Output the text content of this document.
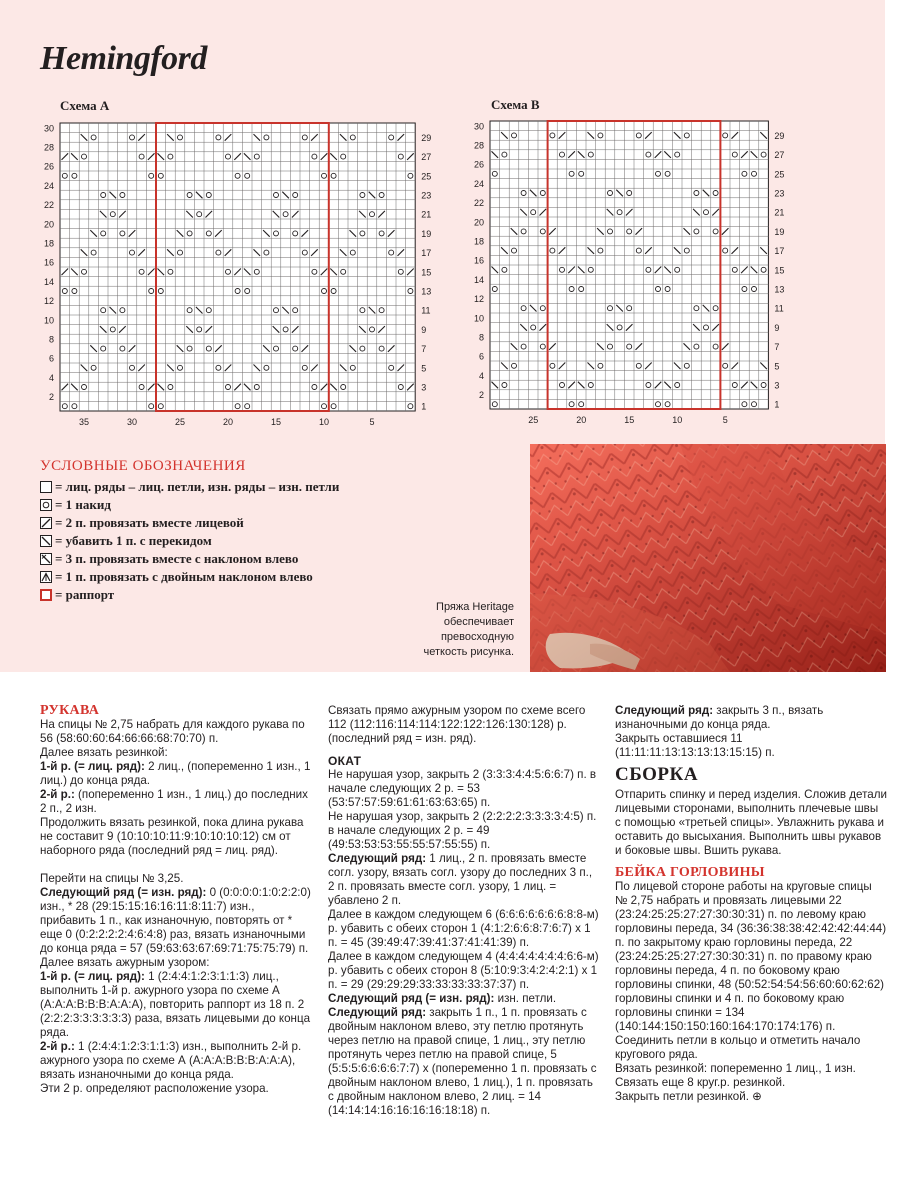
Hemingford
Схема А	Схема В
30
28
26
24
22
20
18
16
14
12
10
8
6
4
2
29
27
25
23
21
19
17
15
13
11
9
7
5
3
1
35	30	25	20	15	10	5
30
28
26
24
22
20
18
16
14
12
10
8
6
4
2
29
27
25
23
21
19
17
15
13
11
9
7
5
3
1
25	20	15	10	5
УСЛОВНЫЕ ОБОЗНАЧЕНИЯ
= лиц. ряды – лиц. петли, изн. ряды – изн. петли
= 1 накид
= 2 п. провязать вместе лицевой
= убавить 1 п. с перекидом
= 3 п. провязать вместе с наклоном влево
= 1 п. провязать с двойным наклоном влево
= раппорт
Пряжа Heritage
обеспечивает
превосходную
четкость рисунка.
РУКАВА

На спицы № 2,75 набрать для каждого рукава по 56 (58:60:60:64:66:66:68:70:70) п.

Далее вязать резинкой:

1-й р. (= лиц. ряд): 2 лиц., (попеременно 1 изн., 1 лиц.) до конца ряда.

2-й р.: (попеременно 1 изн., 1 лиц.) до последних 2 п., 2 изн.

Продолжить вязать резинкой, пока длина рукава не составит 9 (10:10:10:11:9:10:10:10:12) см от наборного ряда (последний ряд = лиц. ряд).

Перейти на спицы № 3,25.

Следующий ряд (= изн. ряд): 0 (0:0:0:0:1:0:2:2:0) изн., * 28 (29:15:15:16:16:11:8:11:7) изн., прибавить 1 п., как изнаночную, повторять от * еще 0 (0:2:2:2:2:4:6:4:8) раз, вязать изнаночными до конца ряда = 57 (59:63:63:67:69:71:75:75:79) п.

Далее вязать ажурным узором:

1-й р. (= лиц. ряд): 1 (2:4:4:1:2:3:1:1:3) лиц., выполнить 1-й р. ажурного узора по схеме А (А:А:А:В:В:В:А:А:А), повторить раппорт из 18 п. 2 (2:2:2:3:3:3:3:3:3) раза, вязать лицевыми до конца ряда.

2-й р.: 1 (2:4:4:1:2:3:1:1:3) изн., выполнить 2-й р. ажурного узора по схеме А (А:А:А:В:В:В:А:А:А), вязать изнаночными до конца ряда.

Эти 2 р. определяют расположение узора.

Связать прямо ажурным узором по схеме всего 112 (112:116:114:114:122:122:126:130:128) р. (последний ряд = изн. ряд).

ОКАТ

Не нарушая узор, закрыть 2 (3:3:3:4:4:5:6:6:7) п. в начале следующих 2 р. = 53 (53:57:57:59:61:61:63:63:65) п.

Не нарушая узор, закрыть 2 (2:2:2:2:3:3:3:3:4:5) п. в начале следующих 2 р. = 49 (49:53:53:53:55:55:57:55:55) п.

Следующий ряд: 1 лиц., 2 п. провязать вместе согл. узору, вязать согл. узору до последних 3 п., 2 п. провязать вместе согл. узору, 1 лиц. = убавлено 2 п.

Далее в каждом следующем 6 (6:6:6:6:6:6:6:8:8-м) р. убавить с обеих сторон 1 (4:1:2:6:6:8:7:6:7) х 1 п. = 45 (39:49:47:39:41:37:41:41:39) п.

Далее в каждом следующем 4 (4:4:4:4:4:4:4:6:6-м) р. убавить с обеих сторон 8 (5:10:9:3:4:2:4:2:1) х 1 п. = 29 (29:29:29:33:33:33:33:37:37) п.

Следующий ряд (= изн. ряд): изн. петли.

Следующий ряд: закрыть 1 п., 1 п. провязать с двойным наклоном влево, эту петлю протянуть через петлю на правой спице, 1 лиц., эту петлю протянуть через петлю на правой спице, 5 (5:5:5:6:6:6:6:7:7) х (попеременно 1 п. провязать с двойным наклоном влево, 1 лиц.), 1 п. провязать с двойным наклоном влево, 2 лиц. = 14 (14:14:14:16:16:16:16:18:18) п.

Следующий ряд: закрыть 3 п., вязать изнаночными до конца ряда.

Закрыть оставшиеся 11 (11:11:11:13:13:13:13:15:15) п.

СБОРКА

Отпарить спинку и перед изделия. Сложив детали лицевыми сторонами, выполнить плечевые швы с помощью «третьей спицы». Увлажнить рукава и оставить до высыхания. Выполнить швы рукавов и боковые швы. Вшить рукава.

БЕЙКА ГОРЛОВИНЫ

По лицевой стороне работы на круговые спицы № 2,75 набрать и провязать лицевыми 22 (23:24:25:25:27:27:30:30:31) п. по левому краю горловины переда, 34 (36:36:38:38:42:42:42:44:44) п. по закрытому краю горловины переда, 22 (23:24:25:25:27:27:30:30:31) п. по правому краю горловины переда, 4 п. по боковому краю горловины спинки, 48 (50:52:54:54:56:60:60:62:62) горловины спинки и 4 п. по боковому краю горловины спинки = 134 (140:144:150:150:160:164:170:174:176) п. Соединить петли в кольцо и отметить начало кругового ряда.

Вязать резинкой: попеременно 1 лиц., 1 изн. Связать еще 8 круг.р. резинкой.

Закрыть петли резинкой. ⊕
